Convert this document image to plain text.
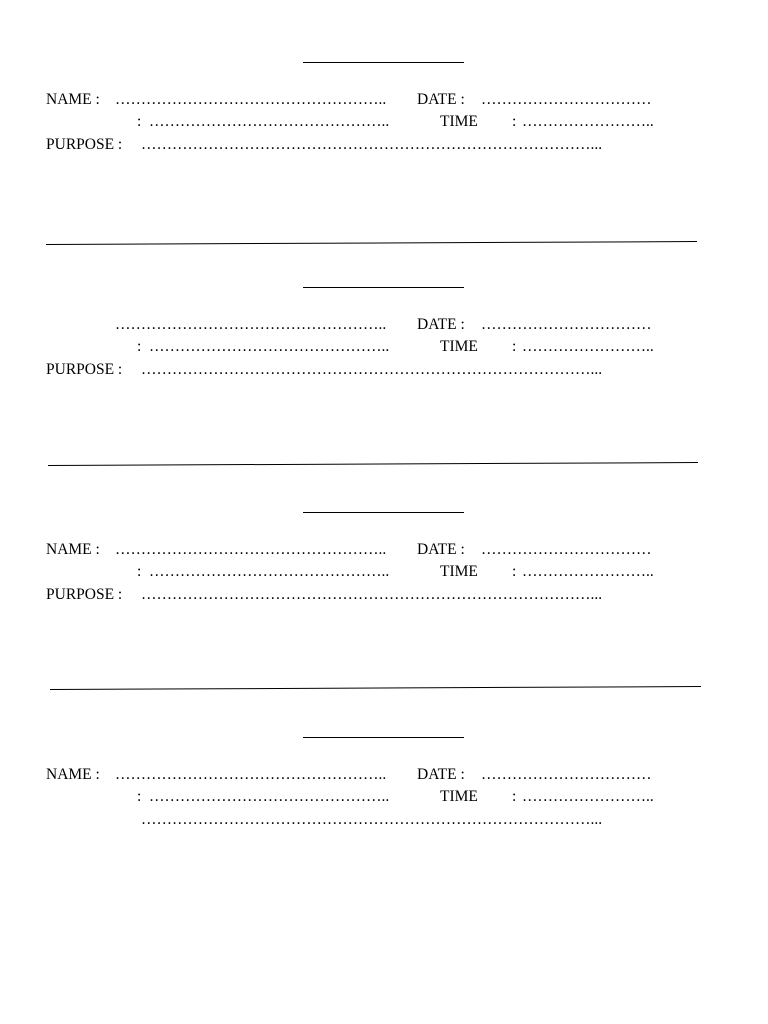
NAME : …………………………………………….. DATE : ……………………………
: ………………………………………..	TIME : ……………………..
PURPOSE : ……………………………………………………………………………...
…………………………………………….. DATE : ……………………………
: ………………………………………..	TIME : ……………………..
PURPOSE : ……………………………………………………………………………...
NAME : …………………………………………….. DATE : ……………………………
: ………………………………………..	TIME : ……………………..
PURPOSE : ……………………………………………………………………………...
NAME : …………………………………………….. DATE : ……………………………
: ………………………………………..	TIME : ……………………..
……………………………………………………………………………...
